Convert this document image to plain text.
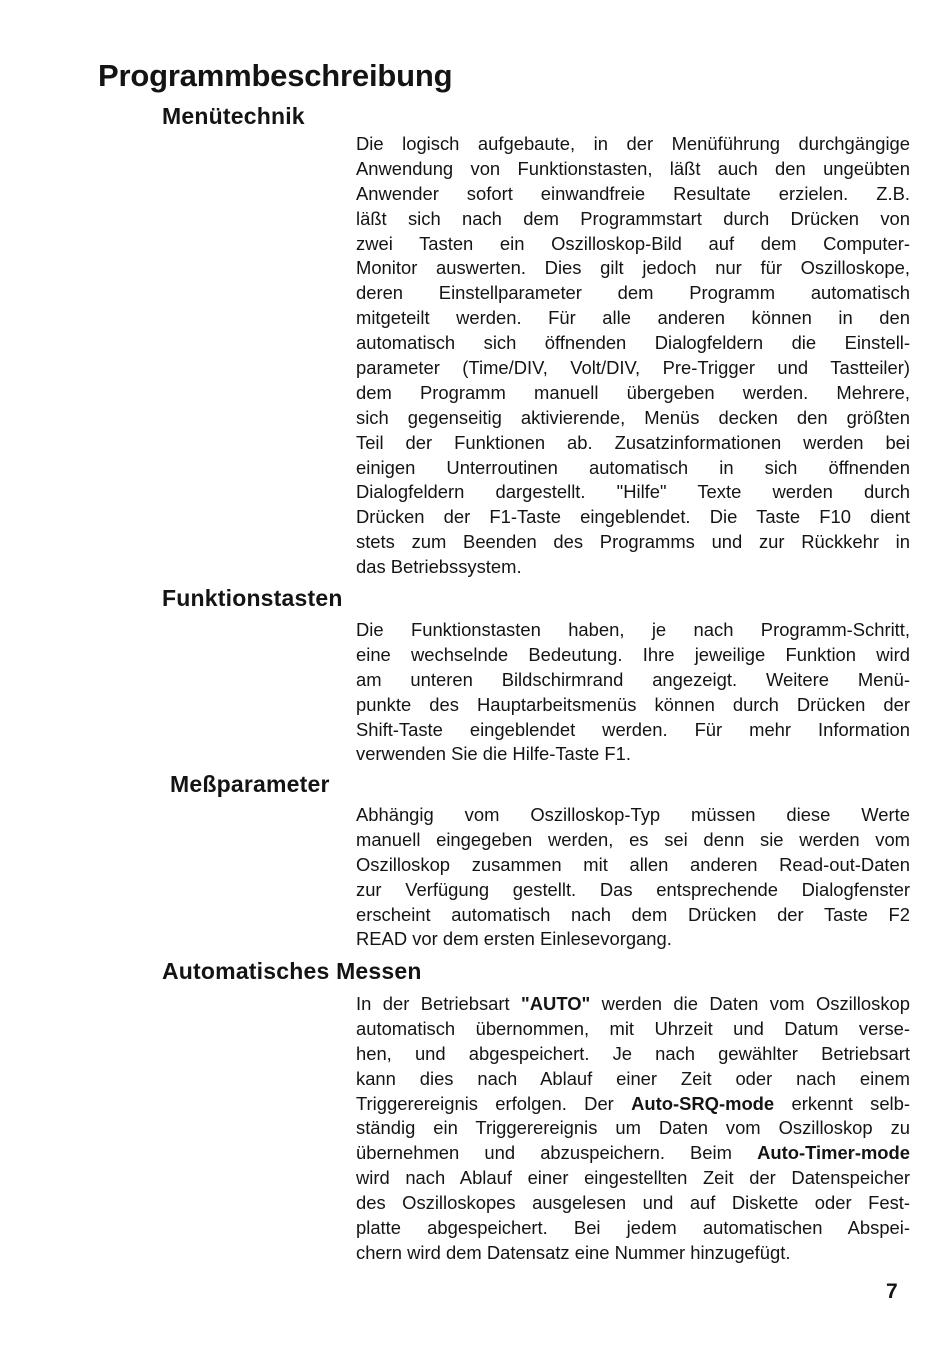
Programmbeschreibung
Menütechnik
Die logisch aufgebaute, in der Menüführung durchgängige
Anwendung von Funktionstasten, läßt auch den ungeübten
Anwender sofort einwandfreie Resultate erzielen. Z.B.
läßt sich nach dem Programmstart durch Drücken von
zwei Tasten ein Oszilloskop-Bild auf dem Computer-
Monitor auswerten. Dies gilt jedoch nur für Oszilloskope,
deren Einstellparameter dem Programm automatisch
mitgeteilt werden. Für alle anderen können in den
automatisch sich öffnenden Dialogfeldern die Einstell-
parameter (Time/DIV, Volt/DIV, Pre-Trigger und Tastteiler)
dem Programm manuell übergeben werden. Mehrere,
sich gegenseitig aktivierende, Menüs decken den größten
Teil der Funktionen ab. Zusatzinformationen werden bei
einigen Unterroutinen automatisch in sich öffnenden
Dialogfeldern dargestellt. "Hilfe" Texte werden durch
Drücken der F1-Taste eingeblendet. Die Taste F10 dient
stets zum Beenden des Programms und zur Rückkehr in
das Betriebssystem.
Funktionstasten
Die Funktionstasten haben, je nach Programm-Schritt,
eine wechselnde Bedeutung. Ihre jeweilige Funktion wird
am unteren Bildschirmrand angezeigt. Weitere Menü-
punkte des Hauptarbeitsmenüs können durch Drücken der
Shift-Taste eingeblendet werden. Für mehr Information
verwenden Sie die Hilfe-Taste F1.
Meßparameter
Abhängig vom Oszilloskop-Typ müssen diese Werte
manuell eingegeben werden, es sei denn sie werden vom
Oszilloskop zusammen mit allen anderen Read-out-Daten
zur Verfügung gestellt. Das entsprechende Dialogfenster
erscheint automatisch nach dem Drücken der Taste F2
READ vor dem ersten Einlesevorgang.
Automatisches Messen
In der Betriebsart "AUTO" werden die Daten vom Oszilloskop
automatisch übernommen, mit Uhrzeit und Datum verse-
hen, und abgespeichert. Je nach gewählter Betriebsart
kann dies nach Ablauf einer Zeit oder nach einem
Triggerereignis erfolgen. Der Auto-SRQ-mode erkennt selb-
ständig ein Triggerereignis um Daten vom Oszilloskop zu
übernehmen und abzuspeichern. Beim Auto-Timer-mode
wird nach Ablauf einer eingestellten Zeit der Datenspeicher
des Oszilloskopes ausgelesen und auf Diskette oder Fest-
platte abgespeichert. Bei jedem automatischen Abspei-
chern wird dem Datensatz eine Nummer hinzugefügt.
7
